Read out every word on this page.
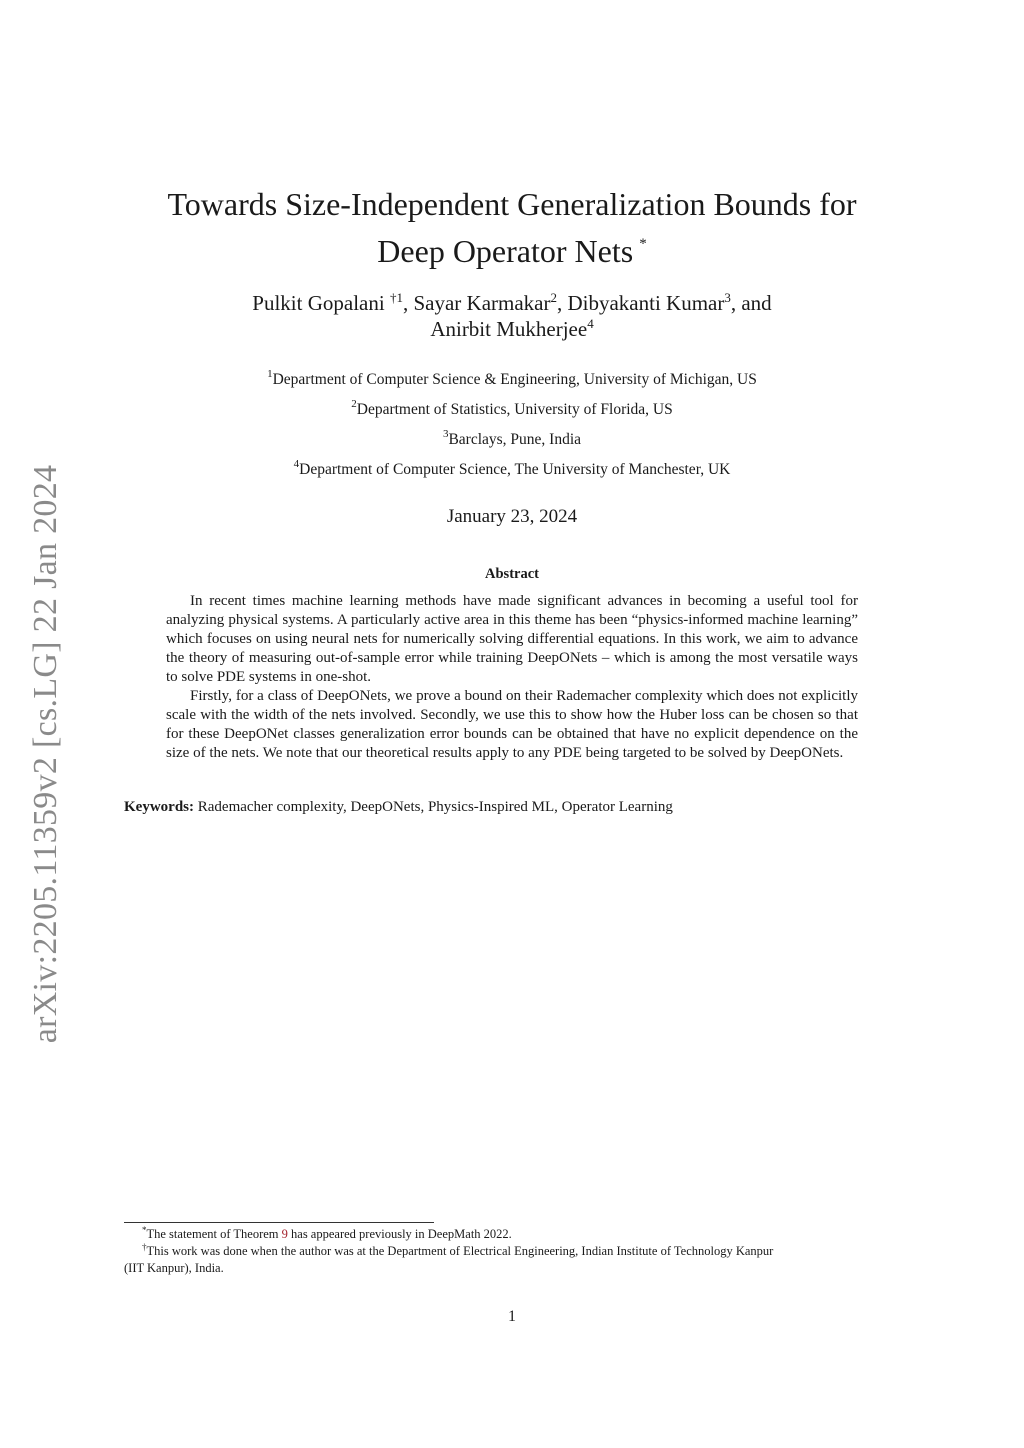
arXiv:2205.11359v2 [cs.LG] 22 Jan 2024
Towards Size-Independent Generalization Bounds for
Deep Operator Nets *
Pulkit Gopalani $^{\dagger 1}$, Sayar Karmakar$^2$, Dibyakanti Kumar$^3$, and
Anirbit Mukherjee$^4$
$^1$Department of Computer Science & Engineering, University of Michigan, US
$^2$Department of Statistics, University of Florida, US
$^3$Barclays, Pune, India
$^4$Department of Computer Science, The University of Manchester, UK
January 23, 2024
Abstract

In recent times machine learning methods have made significant advances in becoming a useful tool for analyzing physical systems. A particularly active area in this theme has been “physics-informed machine learning” which focuses on using neural nets for numerically solving differential equations. In this work, we aim to advance the theory of measuring out-of-sample error while training DeepONets – which is among the most versatile ways to solve PDE systems in one-shot.

Firstly, for a class of DeepONets, we prove a bound on their Rademacher complexity which does not explicitly scale with the width of the nets involved. Secondly, we use this to show how the Huber loss can be chosen so that for these DeepONet classes generalization error bounds can be obtained that have no explicit dependence on the size of the nets. We note that our theoretical results apply to any PDE being targeted to be solved by DeepONets.

Keywords: Rademacher complexity, DeepONets, Physics-Inspired ML, Operator Learning

*The statement of Theorem 9 has appeared previously in DeepMath 2022.

†This work was done when the author was at the Department of Electrical Engineering, Indian Institute of Technology Kanpur

(IIT Kanpur), India.

1
